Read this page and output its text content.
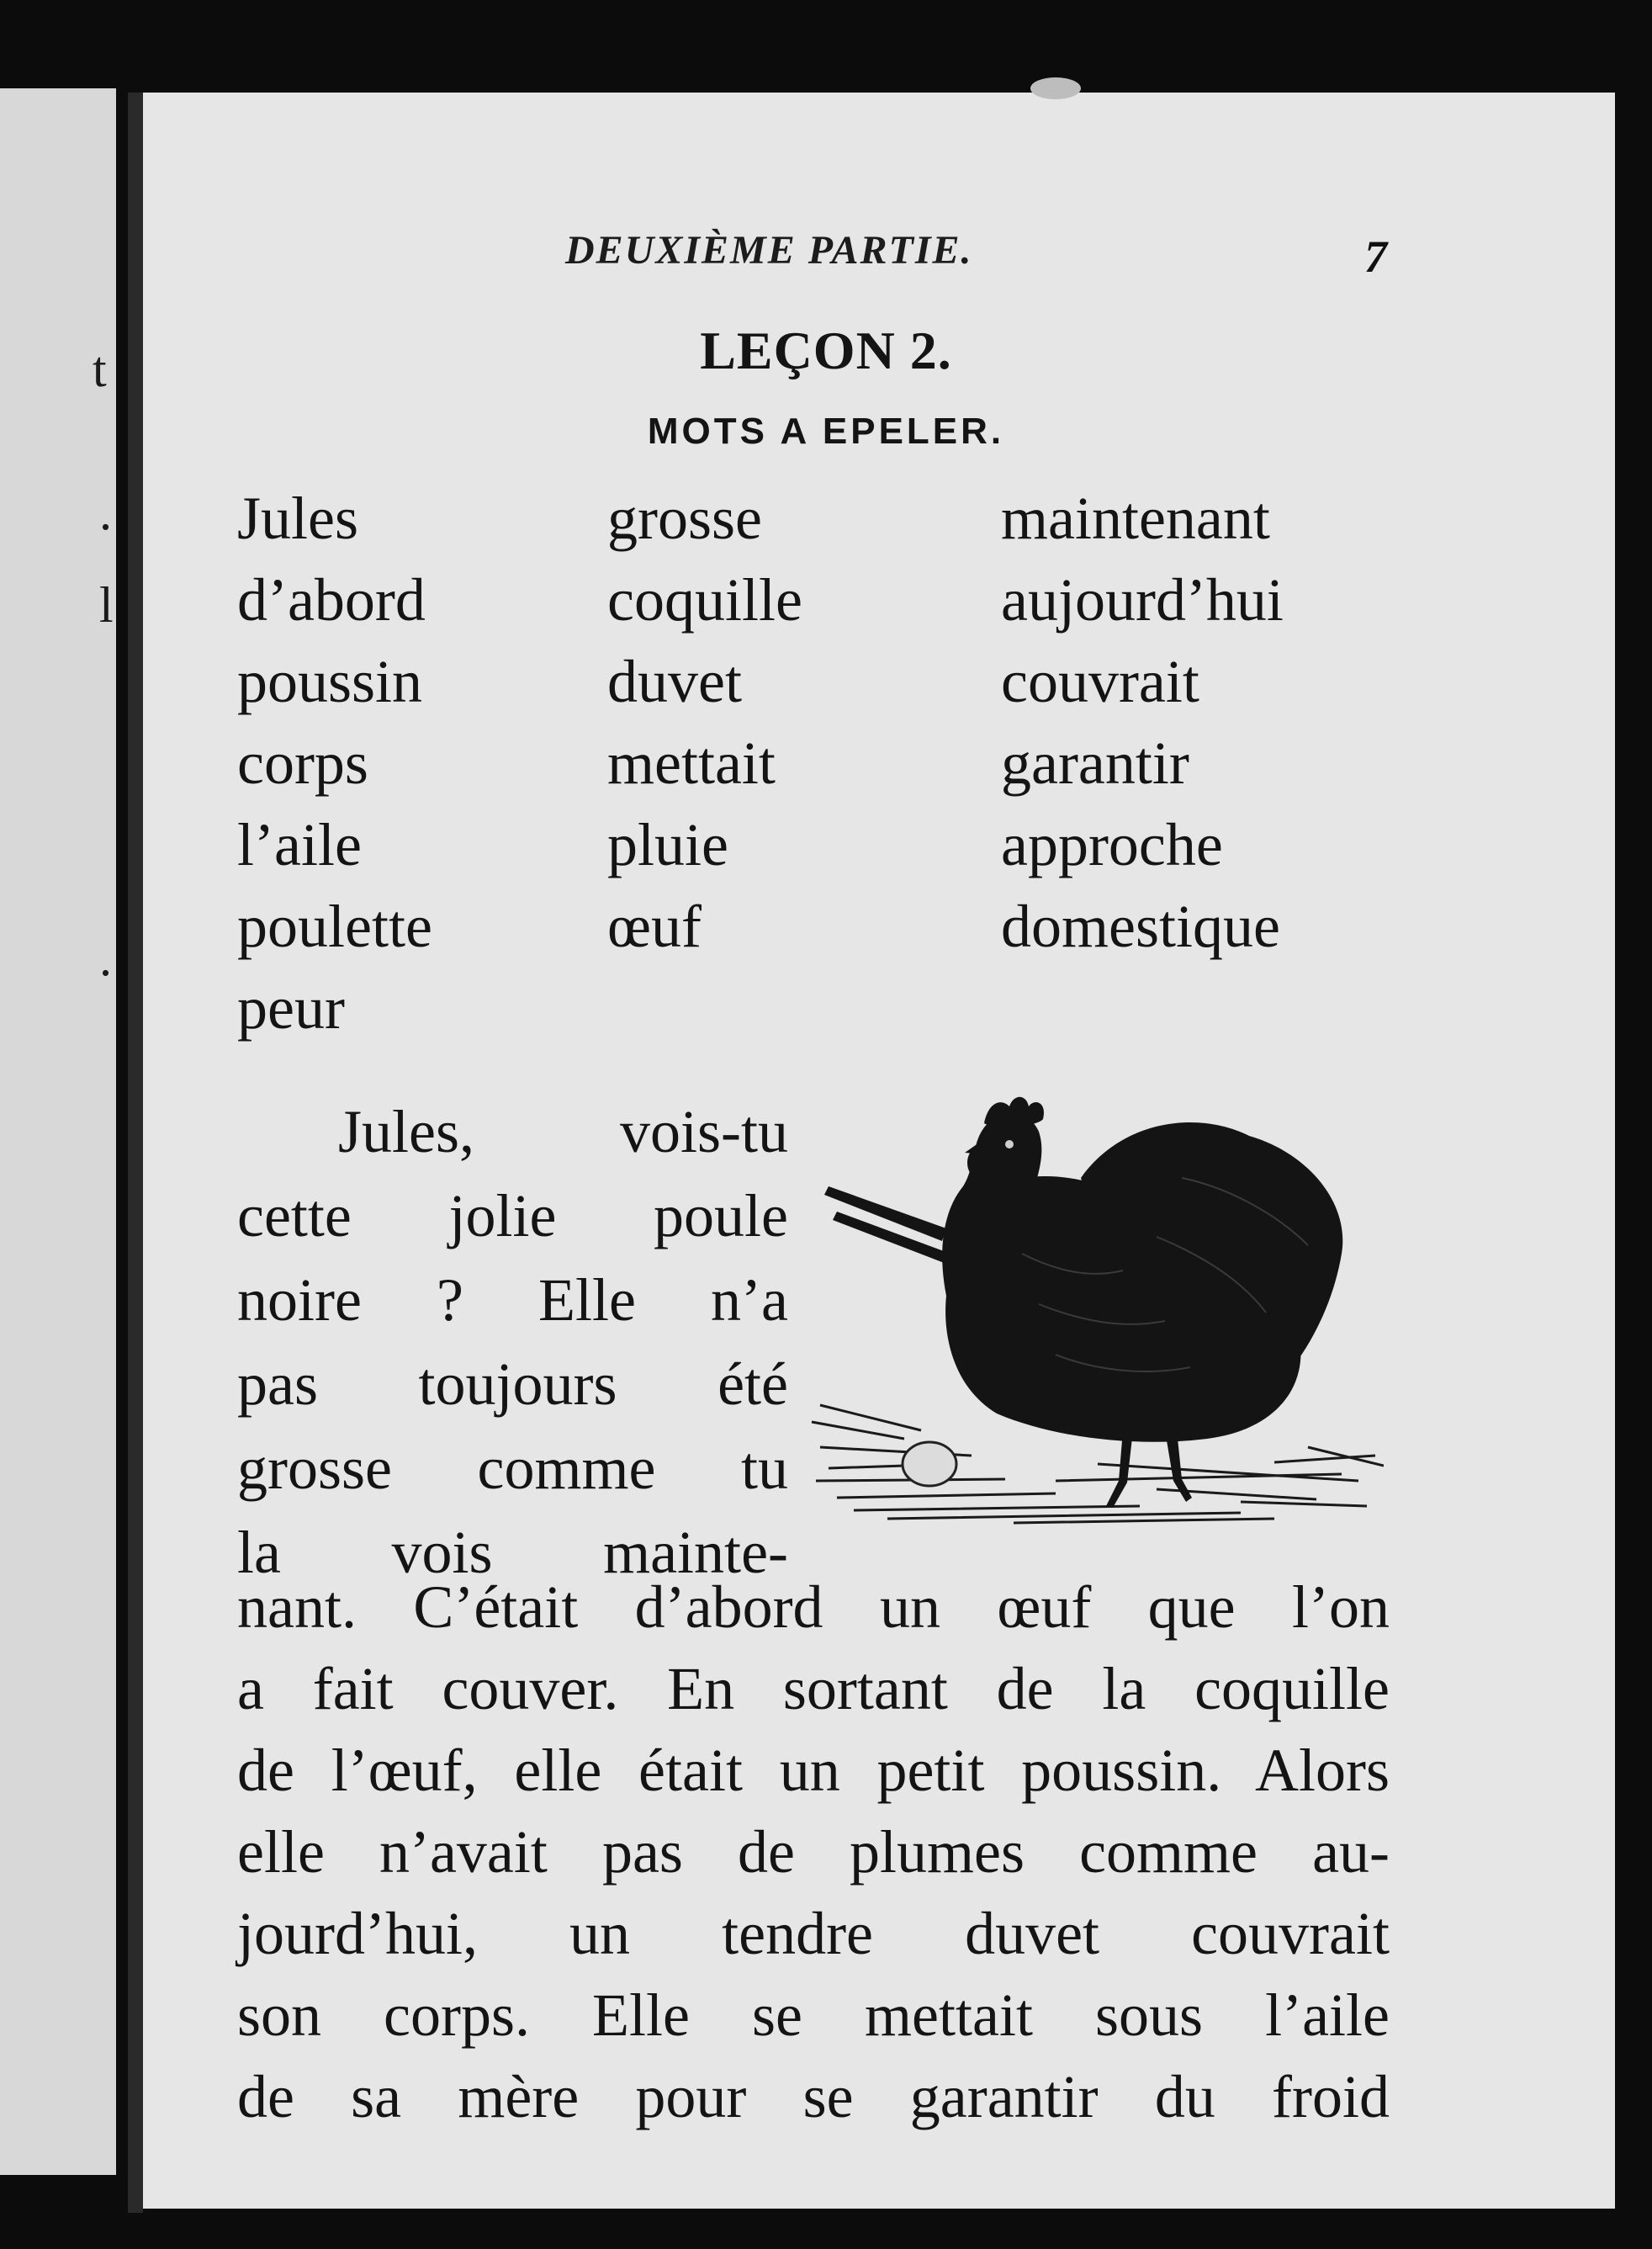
t
.
l
.
DEUXIÈME PARTIE.	7
LEÇON 2.
MOTS A EPELER.
Jules
d’abord
poussin
corps
l’aile
poulette
peur
grosse
coquille
duvet
mettait
pluie
œuf
maintenant
aujourd’hui
couvrait
garantir
approche
domestique
Jules, vois-tu
cette jolie poule
noire ? Elle n’a
pas toujours été
grosse comme tu
la vois mainte-
nant. C’était d’abord un œuf que l’on
a fait couver. En sortant de la coquille
de l’œuf, elle était un petit poussin. Alors
elle n’avait pas de plumes comme au-
jourd’hui, un tendre duvet couvrait
son corps. Elle se mettait sous l’aile
de sa mère pour se garantir du froid
